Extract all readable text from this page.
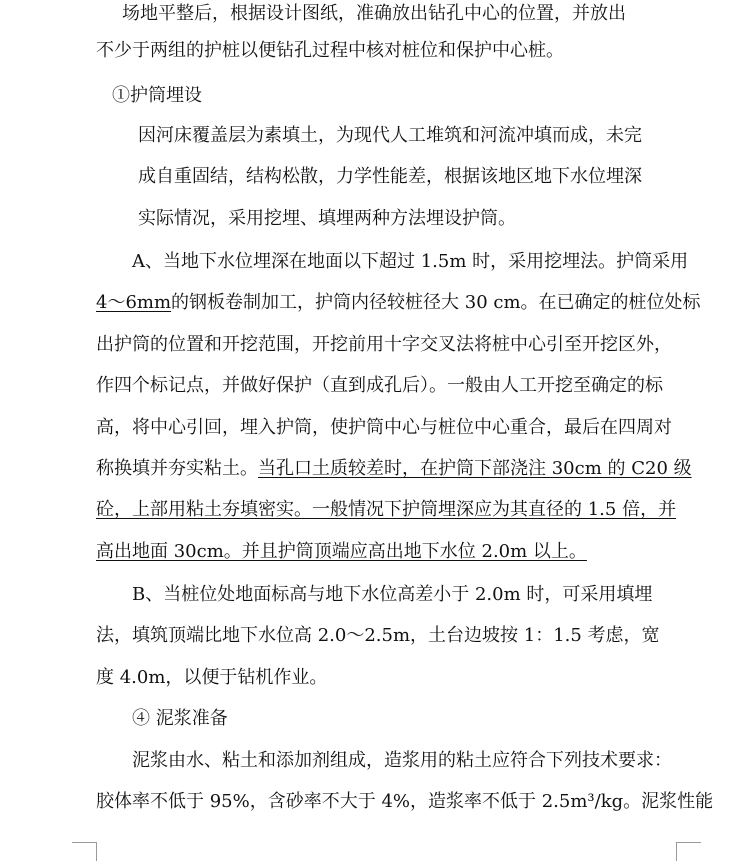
场地平整后，根据设计图纸，准确放出钻孔中心的位置，并放出
不少于两组的护桩以便钻孔过程中核对桩位和保护中心桩。
①护筒埋设
因河床覆盖层为素填土，为现代人工堆筑和河流冲填而成，未完
成自重固结，结构松散，力学性能差，根据该地区地下水位埋深
实际情况，采用挖埋、填埋两种方法埋设护筒。
A、当地下水位埋深在地面以下超过 1.5m 时，采用挖埋法。护筒采用
4～6mm的钢板卷制加工，护筒内径较桩径大 30 cm。在已确定的桩位处标
出护筒的位置和开挖范围，开挖前用十字交叉法将桩中心引至开挖区外，
作四个标记点，并做好保护（直到成孔后）。一般由人工开挖至确定的标
高，将中心引回，埋入护筒，使护筒中心与桩位中心重合，最后在四周对
称换填并夯实粘土。当孔口土质较差时，在护筒下部浇注 30cm 的 C20 级
砼，上部用粘土夯填密实。一般情况下护筒埋深应为其直径的 1.5 倍，并
高出地面 30cm。并且护筒顶端应高出地下水位 2.0m 以上。
B、当桩位处地面标高与地下水位高差小于 2.0m 时，可采用填埋
法，填筑顶端比地下水位高 2.0～2.5m，土台边坡按 1：1.5 考虑，宽
度 4.0m，以便于钻机作业。
④ 泥浆准备
泥浆由水、粘土和添加剂组成，造浆用的粘土应符合下列技术要求：
胶体率不低于 95%，含砂率不大于 4%，造浆率不低于 2.5m³/kg。泥浆性能
